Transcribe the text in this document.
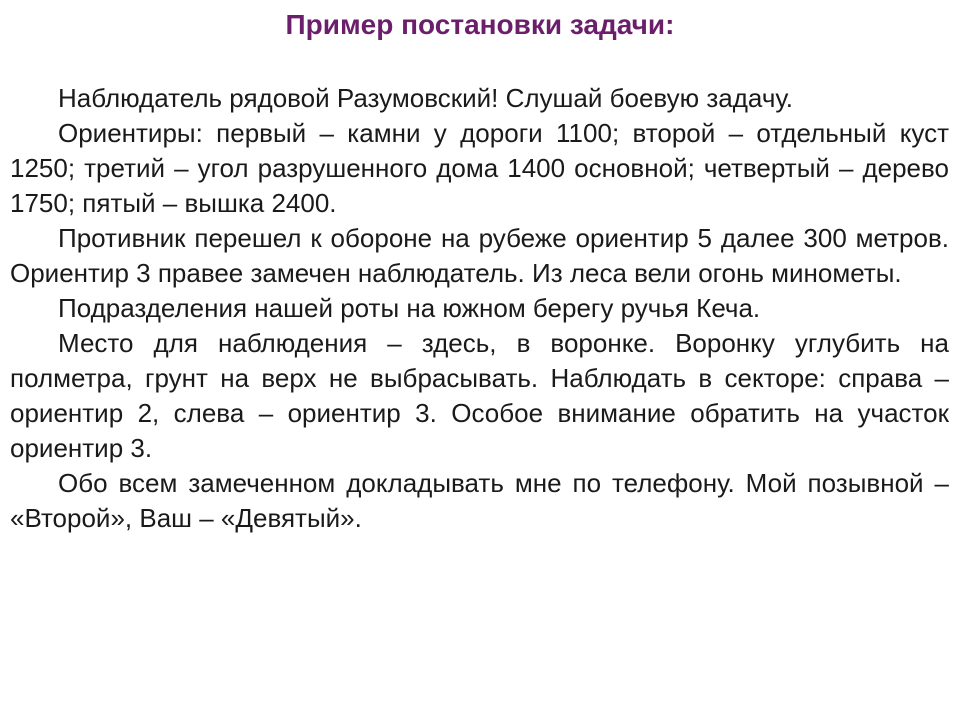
Пример постановки задачи:

Наблюдатель рядовой Разумовский! Слушай боевую задачу.

Ориентиры: первый – камни у дороги 1100; второй – отдельный куст 1250; третий – угол разрушенного дома 1400 основной; четвертый – дерево 1750; пятый – вышка 2400.

Противник перешел к обороне на рубеже ориентир 5 далее 300 метров. Ориентир 3 правее замечен наблюдатель. Из леса вели огонь минометы.

Подразделения нашей роты на южном берегу ручья Кеча.

Место для наблюдения – здесь, в воронке. Воронку углубить на полметра, грунт на верх не выбрасывать. Наблюдать в секторе: справа – ориентир 2, слева – ориентир 3. Особое внимание обратить на участок ориентир 3.

Обо всем замеченном докладывать мне по телефону. Мой позывной – «Второй», Ваш – «Девятый».
